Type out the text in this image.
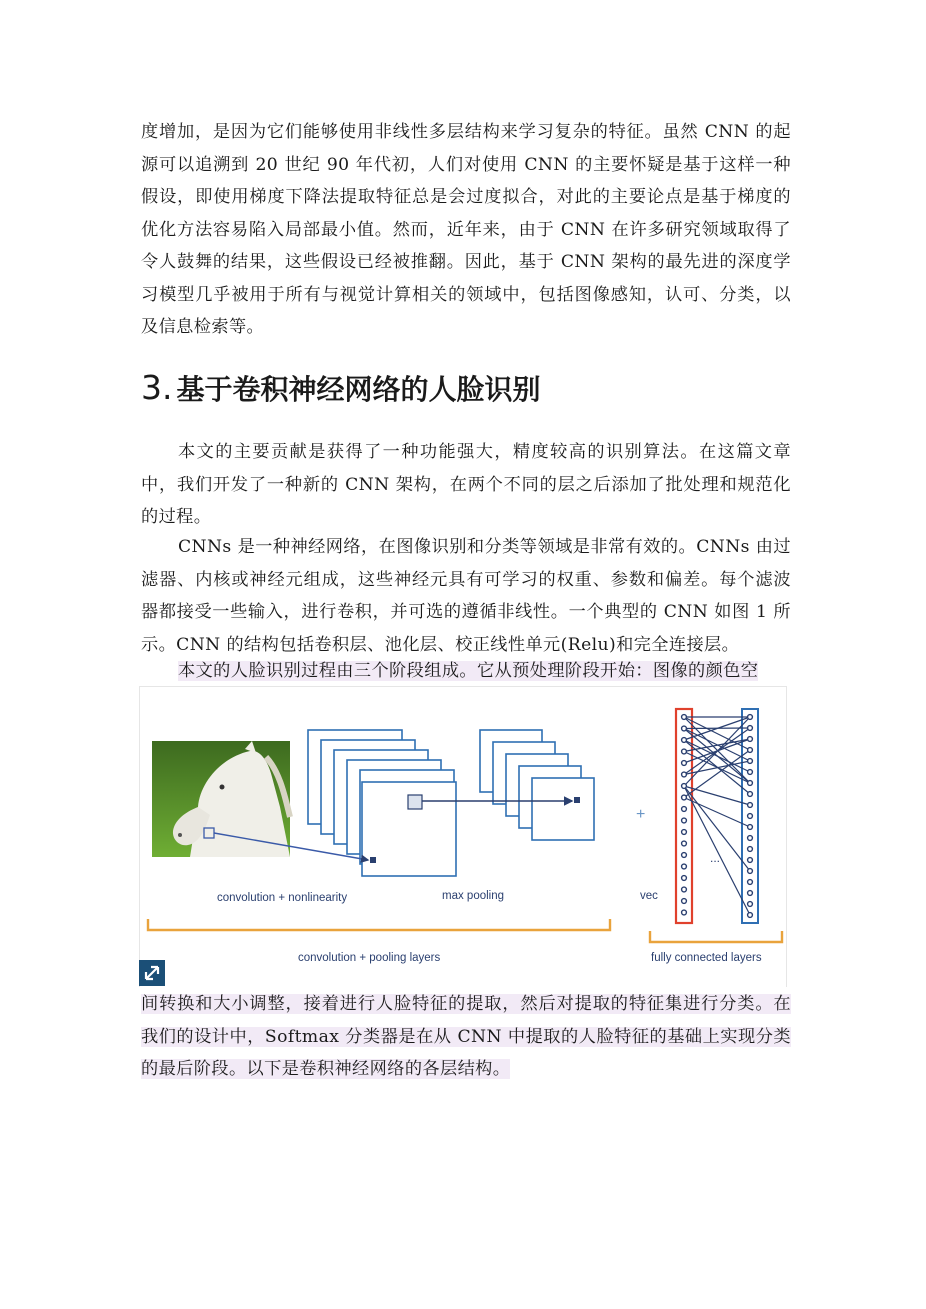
度增加，是因为它们能够使用非线性多层结构来学习复杂的特征。虽然 CNN 的起源可以追溯到 20 世纪 90 年代初，人们对使用 CNN 的主要怀疑是基于这样一种假设，即使用梯度下降法提取特征总是会过度拟合，对此的主要论点是基于梯度的优化方法容易陷入局部最小值。然而，近年来，由于 CNN 在许多研究领域取得了令人鼓舞的结果，这些假设已经被推翻。因此，基于 CNN 架构的最先进的深度学习模型几乎被用于所有与视觉计算相关的领域中，包括图像感知，认可、分类，以及信息检索等。

3. 基于卷积神经网络的人脸识别

本文的主要贡献是获得了一种功能强大，精度较高的识别算法。在这篇文章中，我们开发了一种新的 CNN 架构，在两个不同的层之后添加了批处理和规范化的过程。

CNNs 是一种神经网络，在图像识别和分类等领域是非常有效的。CNNs 由过滤器、内核或神经元组成，这些神经元具有可学习的权重、参数和偏差。每个滤波器都接受一些输入，进行卷积，并可选的遵循非线性。一个典型的 CNN 如图 1 所示。CNN 的结构包括卷积层、池化层、校正线性单元(Relu)和完全连接层。

本文的人脸识别过程由三个阶段组成。它从预处理阶段开始：图像的颜色空

+
...
convolution + nonlinearity	max pooling	vec
convolution + pooling layers	fully connected layers

间转换和大小调整，接着进行人脸特征的提取，然后对提取的特征集进行分类。在我们的设计中，Softmax 分类器是在从 CNN 中提取的人脸特征的基础上实现分类的最后阶段。以下是卷积神经网络的各层结构。
